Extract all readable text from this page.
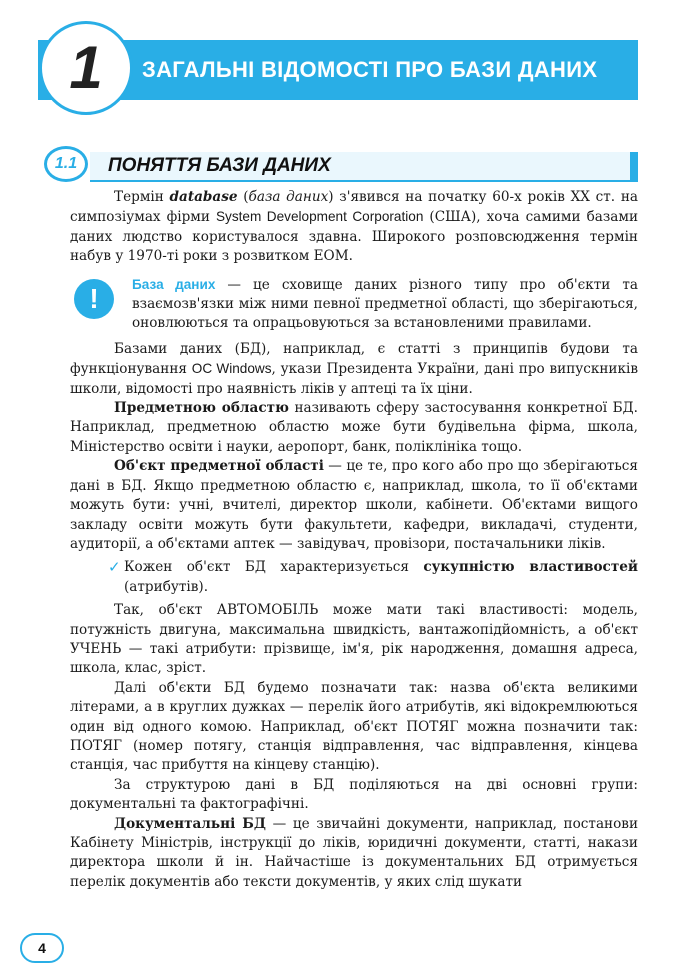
1	ЗАГАЛЬНІ ВІДОМОСТІ ПРО БАЗИ ДАНИХ
1.1	ПОНЯТТЯ БАЗИ ДАНИХ

Термін database (база даних) з'явився на початку 60-х років XX ст. на симпозіумах фірми System Development Corporation (США), хоча самими базами даних людство користувалося здавна. Широкого розповсюдження термін набув у 1970-ті роки з розвитком ЕОМ.

!	База даних — це сховище даних різного типу про об'єкти та взаємозв'язки між ними певної предметної області, що зберігаються, оновлюються та опрацьовуються за встановленими правилами.

Базами даних (БД), наприклад, є статті з принципів будови та функціонування ОС Windows, укази Президента України, дані про випускників школи, відомості про наявність ліків у аптеці та їх ціни.

Предметною областю називають сферу застосування конкретної БД. Наприклад, предметною областю може бути будівельна фірма, школа, Міністерство освіти і науки, аеропорт, банк, поліклініка тощо.

Об'єкт предметної області — це те, про кого або про що зберігаються дані в БД. Якщо предметною областю є, наприклад, школа, то її об'єктами можуть бути: учні, вчителі, директор школи, кабінети. Об'єктами вищого закладу освіти можуть бути факультети, кафедри, викладачі, студенти, аудиторії, а об'єктами аптек — завідувач, провізори, постачальники ліків.

✓ Кожен об'єкт БД характеризується сукупністю властивостей (атрибутів).

Так, об'єкт АВТОМОБІЛЬ може мати такі властивості: модель, потужність двигуна, максимальна швидкість, вантажопідйомність, а об'єкт УЧЕНЬ — такі атрибути: прізвище, ім'я, рік народження, домашня адреса, школа, клас, зріст.

Далі об'єкти БД будемо позначати так: назва об'єкта великими літерами, а в круглих дужках — перелік його атрибутів, які відокремлюються один від одного комою. Наприклад, об'єкт ПОТЯГ можна позначити так: ПОТЯГ (номер потягу, станція відправлення, час відправлення, кінцева станція, час прибуття на кінцеву станцію).

За структурою дані в БД поділяються на дві основні групи: документальні та фактографічні.

Документальні БД — це звичайні документи, наприклад, постанови Кабінету Міністрів, інструкції до ліків, юридичні документи, статті, накази директора школи й ін. Найчастіше із документальних БД отримується перелік документів або тексти документів, у яких слід шукати

4
